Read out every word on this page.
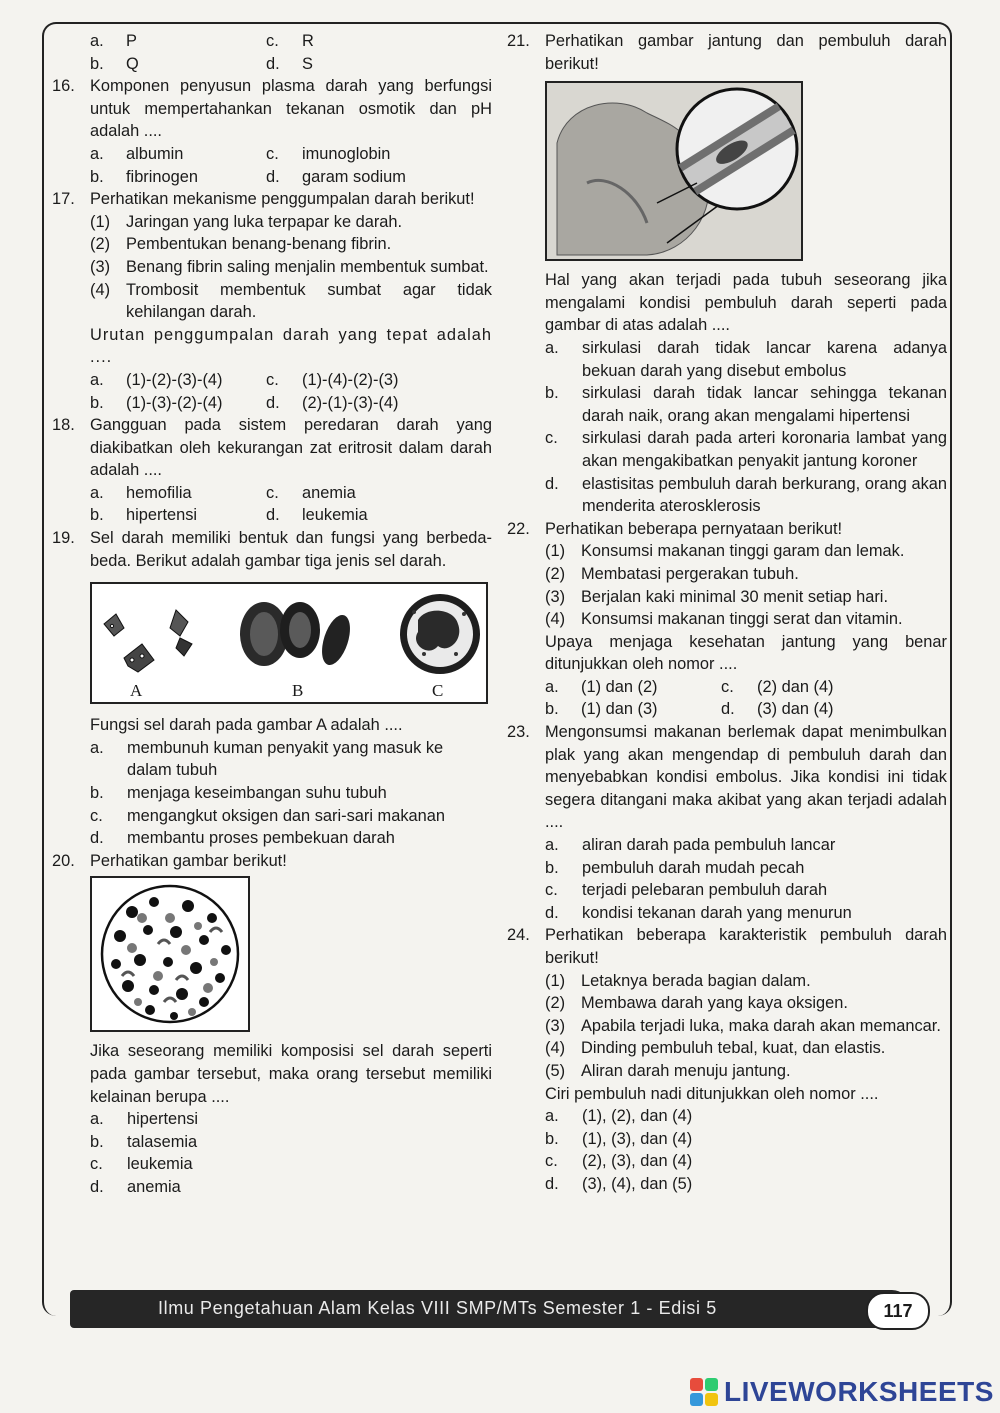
a. P	c. R
b. Q	d. S
16. Komponen penyusun plasma darah yang berfungsi untuk mempertahankan tekanan osmotik dan pH adalah ....
a. albumin	c. imunoglobin
b. fibrinogen	d. garam sodium
17. Perhatikan mekanisme penggumpalan darah berikut!
(1) Jaringan yang luka terpapar ke darah.
(2) Pembentukan benang-benang fibrin.
(3) Benang fibrin saling menjalin membentuk sumbat.
(4) Trombosit membentuk sumbat agar tidak kehilangan darah.
Urutan penggumpalan darah yang tepat adalah ....
a. (1)-(2)-(3)-(4)	c. (1)-(4)-(2)-(3)
b. (1)-(3)-(2)-(4)	d. (2)-(1)-(3)-(4)
18. Gangguan pada sistem peredaran darah yang diakibatkan oleh kekurangan zat eritrosit dalam darah adalah ....
a. hemofilia	c. anemia
b. hipertensi	d. leukemia
19. Sel darah memiliki bentuk dan fungsi yang berbeda-beda. Berikut adalah gambar tiga jenis sel darah.
A	B	C
Fungsi sel darah pada gambar A adalah ....
a. membunuh kuman penyakit yang masuk ke dalam tubuh
b. menjaga keseimbangan suhu tubuh
c. mengangkut oksigen dan sari-sari makanan
d. membantu proses pembekuan darah
20. Perhatikan gambar berikut!
Jika seseorang memiliki komposisi sel darah seperti pada gambar tersebut, maka orang tersebut memiliki kelainan berupa ....
a. hipertensi
b. talasemia
c. leukemia
d. anemia
21. Perhatikan gambar jantung dan pembuluh darah berikut!
Hal yang akan terjadi pada tubuh seseorang jika mengalami kondisi pembuluh darah seperti pada gambar di atas adalah ....
a. sirkulasi darah tidak lancar karena adanya bekuan darah yang disebut embolus
b. sirkulasi darah tidak lancar sehingga tekanan darah naik, orang akan mengalami hipertensi
c. sirkulasi darah pada arteri koronaria lambat yang akan mengakibatkan penyakit jantung koroner
d. elastisitas pembuluh darah berkurang, orang akan menderita aterosklerosis
22. Perhatikan beberapa pernyataan berikut!
(1) Konsumsi makanan tinggi garam dan lemak.
(2) Membatasi pergerakan tubuh.
(3) Berjalan kaki minimal 30 menit setiap hari.
(4) Konsumsi makanan tinggi serat dan vitamin.
Upaya menjaga kesehatan jantung yang benar ditunjukkan oleh nomor ....
a. (1) dan (2)	c. (2) dan (4)
b. (1) dan (3)	d. (3) dan (4)
23. Mengonsumsi makanan berlemak dapat menimbulkan plak yang akan mengendap di pembuluh darah dan menyebabkan kondisi embolus. Jika kondisi ini tidak segera ditangani maka akibat yang akan terjadi adalah ....
a. aliran darah pada pembuluh lancar
b. pembuluh darah mudah pecah
c. terjadi pelebaran pembuluh darah
d. kondisi tekanan darah yang menurun
24. Perhatikan beberapa karakteristik pembuluh darah berikut!
(1) Letaknya berada bagian dalam.
(2) Membawa darah yang kaya oksigen.
(3) Apabila terjadi luka, maka darah akan memancar.
(4) Dinding pembuluh tebal, kuat, dan elastis.
(5) Aliran darah menuju jantung.
Ciri pembuluh nadi ditunjukkan oleh nomor ....
a. (1), (2), dan (4)
b. (1), (3), dan (4)
c. (2), (3), dan (4)
d. (3), (4), dan (5)
Ilmu Pengetahuan Alam Kelas VIII SMP/MTs Semester 1 - Edisi 5	117
LIVEWORKSHEETS
